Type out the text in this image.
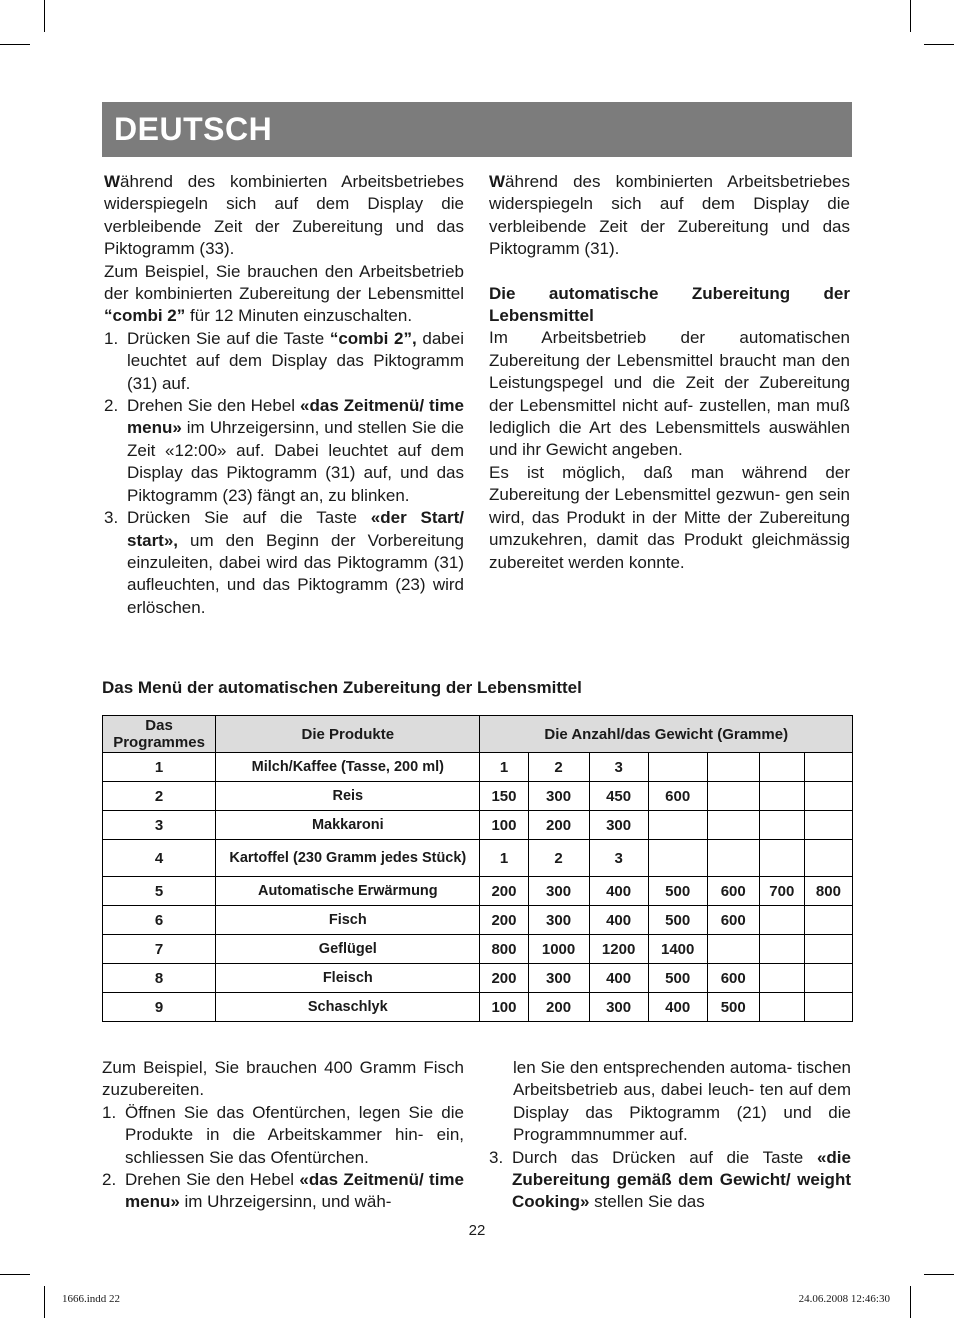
DEUTSCH

Während des kombinierten Arbeitsbetriebes widerspiegeln sich auf dem Display die verbleibende Zeit der Zubereitung und das Piktogramm (33).

Zum Beispiel, Sie brauchen den Arbeitsbetrieb der kombinierten Zubereitung der Lebensmittel “combi 2” für 12 Minuten einzuschalten.

1. Drücken Sie auf die Taste “combi 2”, dabei leuchtet auf dem Display das Piktogramm (31) auf.
2. Drehen Sie den Hebel «das Zeitmenü/ time menu» im Uhrzeigersinn, und stellen Sie die Zeit «12:00» auf. Dabei leuchtet auf dem Display das Piktogramm (31) auf, und das Piktogramm (23) fängt an, zu blinken.
3. Drücken Sie auf die Taste «der Start/ start», um den Beginn der Vorbereitung einzuleiten, dabei wird das Piktogramm (31) aufleuchten, und das Piktogramm (23) wird erlöschen.

Während des kombinierten Arbeitsbetriebes widerspiegeln sich auf dem Display die verbleibende Zeit der Zubereitung und das Piktogramm (31).

Die automatische Zubereitung der Lebensmittel

Im Arbeitsbetrieb der automatischen Zubereitung der Lebensmittel braucht man den Leistungspegel und die Zeit der Zubereitung der Lebensmittel nicht auf- zustellen, man muß lediglich die Art des Lebensmittels auswählen und ihr Gewicht angeben.

Es ist möglich, daß man während der Zubereitung der Lebensmittel gezwun- gen sein wird, das Produkt in der Mitte der Zubereitung umzukehren, damit das Produkt gleichmässig zubereitet werden konnte.

Das Menü der automatischen Zubereitung der Lebensmittel
Das Programmes	Die Produkte	Die Anzahl/das Gewicht (Gramme)						
1	Milch/Kaffee (Tasse, 200 ml)	1	2	3				
2	Reis	150	300	450	600			
3	Makkaroni	100	200	300				
4	Kartoffel (230 Gramm jedes Stück)	1	2	3				
5	Automatische Erwärmung	200	300	400	500	600	700	800
6	Fisch	200	300	400	500	600		
7	Geflügel	800	1000	1200	1400			
8	Fleisch	200	300	400	500	600		
9	Schaschlyk	100	200	300	400	500		

Zum Beispiel, Sie brauchen 400 Gramm Fisch zuzubereiten.

1. Öffnen Sie das Ofentürchen, legen Sie die Produkte in die Arbeitskammer hin- ein, schliessen Sie das Ofentürchen.
2. Drehen Sie den Hebel «das Zeitmenü/ time menu» im Uhrzeigersinn, und wäh-

len Sie den entsprechenden automa- tischen Arbeitsbetrieb aus, dabei leuch- ten auf dem Display das Piktogramm (21) und die Programmnummer auf.

3. Durch das Drücken auf die Taste «die Zubereitung gemäß dem Gewicht/ weight Cooking» stellen Sie das
22
1666.indd 22	24.06.2008 12:46:30
